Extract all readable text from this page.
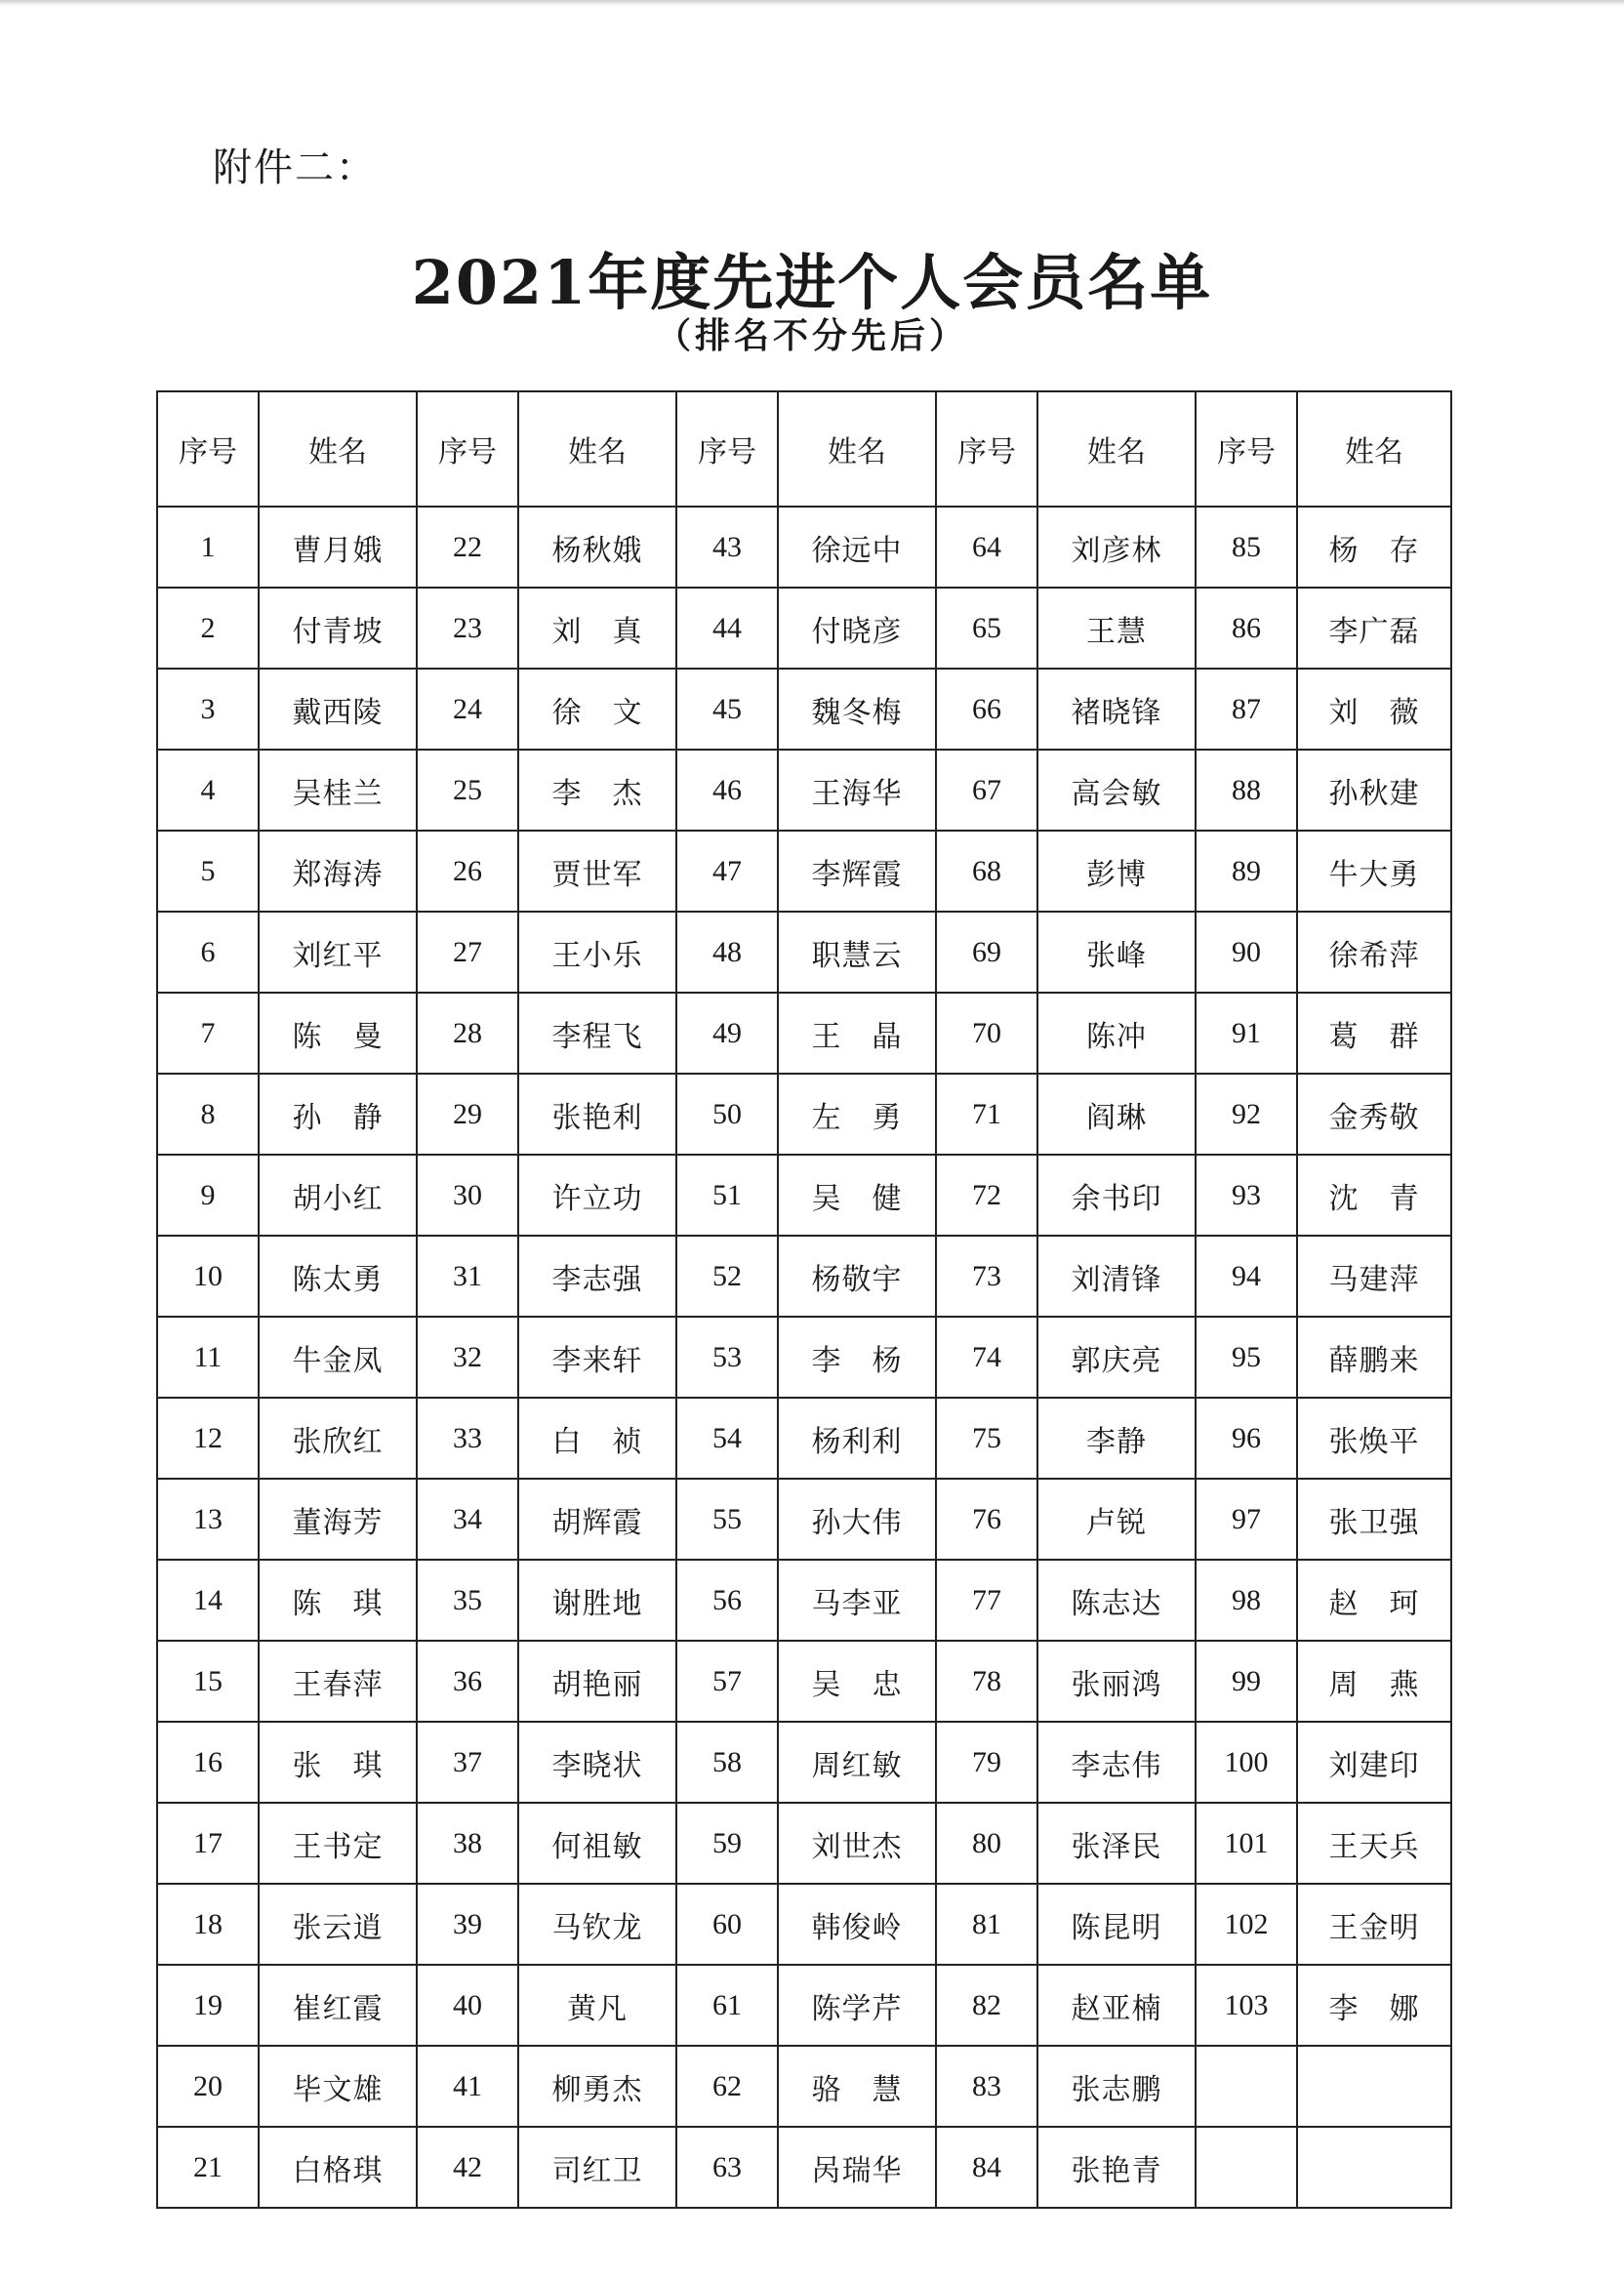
附件二：
2021年度先进个人会员名单
（排名不分先后）
序号	姓名	序号	姓名	序号	姓名	序号	姓名	序号	姓名
1	曹月娥	22	杨秋娥	43	徐远中	64	刘彦林	85	杨　存
2	付青坡	23	刘　真	44	付晓彦	65	王慧	86	李广磊
3	戴西陵	24	徐　文	45	魏冬梅	66	褚晓锋	87	刘　薇
4	吴桂兰	25	李　杰	46	王海华	67	高会敏	88	孙秋建
5	郑海涛	26	贾世军	47	李辉霞	68	彭博	89	牛大勇
6	刘红平	27	王小乐	48	职慧云	69	张峰	90	徐希萍
7	陈　曼	28	李程飞	49	王　晶	70	陈冲	91	葛　群
8	孙　静	29	张艳利	50	左　勇	71	阎琳	92	金秀敬
9	胡小红	30	许立功	51	吴　健	72	余书印	93	沈　青
10	陈太勇	31	李志强	52	杨敬宇	73	刘清锋	94	马建萍
11	牛金凤	32	李来轩	53	李　杨	74	郭庆亮	95	薛鹏来
12	张欣红	33	白　祯	54	杨利利	75	李静	96	张焕平
13	董海芳	34	胡辉霞	55	孙大伟	76	卢锐	97	张卫强
14	陈　琪	35	谢胜地	56	马李亚	77	陈志达	98	赵　珂
15	王春萍	36	胡艳丽	57	吴　忠	78	张丽鸿	99	周　燕
16	张　琪	37	李晓状	58	周红敏	79	李志伟	100	刘建印
17	王书定	38	何祖敏	59	刘世杰	80	张泽民	101	王天兵
18	张云逍	39	马钦龙	60	韩俊岭	81	陈昆明	102	王金明
19	崔红霞	40	黄凡	61	陈学芹	82	赵亚楠	103	李　娜
20	毕文雄	41	柳勇杰	62	骆　慧	83	张志鹏		
21	白格琪	42	司红卫	63	呙瑞华	84	张艳青		
